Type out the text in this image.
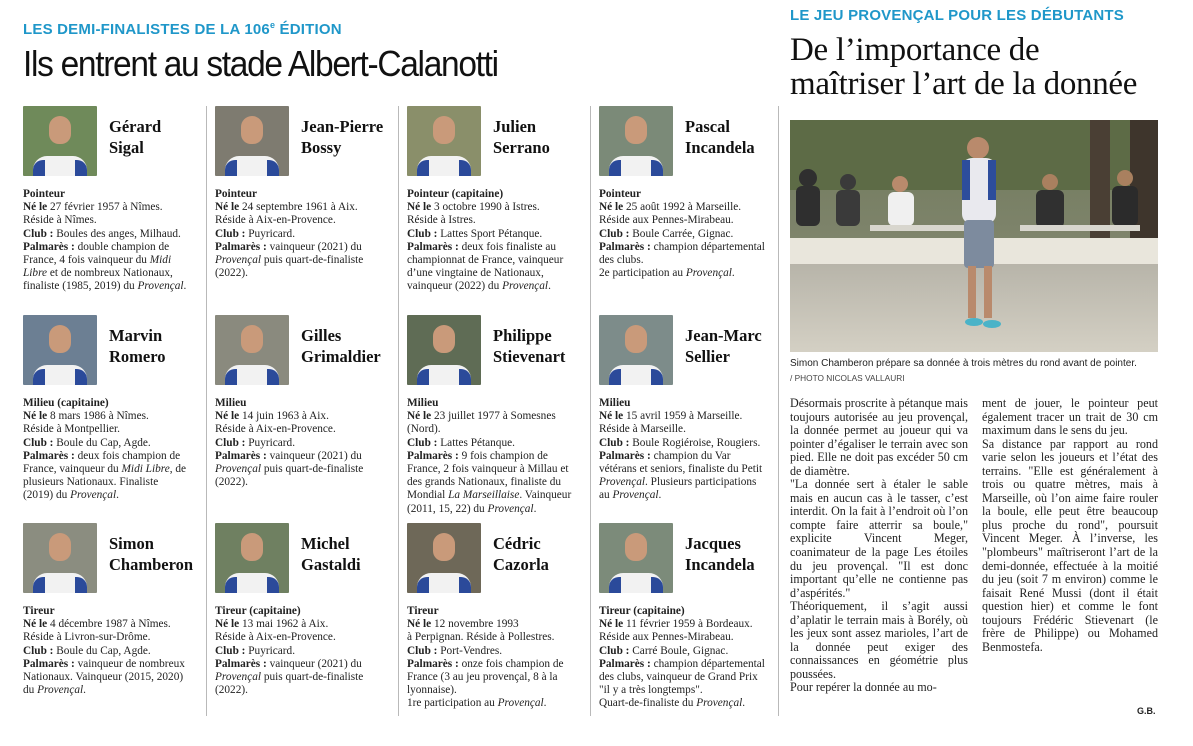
LES DEMI-FINALISTES DE LA 106e ÉDITION
Ils entrent au stade Albert-Calanotti
Gérard
Sigal
Pointeur

Né le 27 février 1957 à Nîmes.

Réside à Nîmes.

Club : Boules des anges, Milhaud.

Palmarès : double champion de France, 4 fois vainqueur du Midi Libre et de nombreux Nationaux, finaliste (1985, 2019) du Provençal.

Jean-Pierre
Bossy
Pointeur

Né le 24 septembre 1961 à Aix.

Réside à Aix-en-Provence.

Club : Puyricard.

Palmarès : vainqueur (2021) du Provençal puis quart-de-finaliste (2022).

Julien
Serrano
Pointeur (capitaine)

Né le 3 octobre 1990 à Istres.

Réside à Istres.

Club : Lattes Sport Pétanque.

Palmarès : deux fois finaliste au championnat de France, vainqueur d’une vingtaine de Nationaux, vainqueur (2022) du Provençal.

Pascal
Incandela
Pointeur

Né le 25 août 1992 à Marseille.

Réside aux Pennes-Mirabeau.

Club : Boule Carrée, Gignac.

Palmarès : champion départemental des clubs.

2e participation au Provençal.

Marvin
Romero
Milieu (capitaine)

Né le 8 mars 1986 à Nîmes.

Réside à Montpellier.

Club : Boule du Cap, Agde.

Palmarès : deux fois champion de France, vainqueur du Midi Libre, de plusieurs Nationaux. Finaliste (2019) du Provençal.

Gilles
Grimaldier
Milieu

Né le 14 juin 1963 à Aix.

Réside à Aix-en-Provence.

Club : Puyricard.

Palmarès : vainqueur (2021) du Provençal puis quart-de-finaliste (2022).

Philippe
Stievenart
Milieu

Né le 23 juillet 1977 à Somesnes (Nord).

Club : Lattes Pétanque.

Palmarès : 9 fois champion de France, 2 fois vainqueur à Millau et des grands Nationaux, finaliste du Mondial La Marseillaise. Vainqueur (2011, 15, 22) du Provençal.

Jean-Marc
Sellier
Milieu

Né le 15 avril 1959 à Marseille.

Réside à Marseille.

Club : Boule Rogiéroise, Rougiers.

Palmarès : champion du Var vétérans et seniors, finaliste du Petit Provençal. Plusieurs participations au Provençal.

Simon
Chamberon
Tireur

Né le 4 décembre 1987 à Nîmes.

Réside à Livron-sur-Drôme.

Club : Boule du Cap, Agde.

Palmarès : vainqueur de nombreux Nationaux. Vainqueur (2015, 2020) du Provençal.

Michel
Gastaldi
Tireur (capitaine)

Né le 13 mai 1962 à Aix.

Réside à Aix-en-Provence.

Club : Puyricard.

Palmarès : vainqueur (2021) du Provençal puis quart-de-finaliste (2022).

Cédric
Cazorla
Tireur

Né le 12 novembre 1993

à Perpignan. Réside à Pollestres.

Club : Port-Vendres.

Palmarès : onze fois champion de France (3 au jeu provençal, 8 à la lyonnaise).

1re participation au Provençal.

Jacques
Incandela
Tireur (capitaine)

Né le 11 février 1959 à Bordeaux.

Réside aux Pennes-Mirabeau.

Club : Carré Boule, Gignac.

Palmarès : champion départemental des clubs, vainqueur de Grand Prix "il y a très longtemps".

Quart-de-finaliste du Provençal.

LE JEU PROVENÇAL POUR LES DÉBUTANTS
De l’importance de
maîtriser l’art de la donnée
Simon Chamberon prépare sa donnée à trois mètres du rond avant de pointer.
/ PHOTO NICOLAS VALLAURI

Désormais proscrite à pétanque mais toujours autorisée au jeu provençal, la donnée permet au joueur qui va pointer d’égaliser le terrain avec son pied. Elle ne doit pas excéder 50 cm de diamètre.

"La donnée sert à étaler le sable mais en aucun cas à le tasser, c’est interdit. On la fait à l’endroit où l’on compte faire atterrir sa boule," explicite Vincent Meger, coanimateur de la page Les étoiles du jeu provençal. "Il est donc important qu’elle ne contienne pas d’aspérités."

Théoriquement, il s’agit aussi d’aplatir le terrain mais à Borély, où les jeux sont assez marioles, l’art de la donnée peut exiger des connaissances en géométrie plus poussées.

Pour repérer la donnée au mo-

ment de jouer, le pointeur peut également tracer un trait de 30 cm maximum dans le sens du jeu.

Sa distance par rapport au rond varie selon les joueurs et l’état des terrains. "Elle est généralement à trois ou quatre mètres, mais à Marseille, où l’on aime faire rouler la boule, elle peut être beaucoup plus proche du rond", poursuit Vincent Meger. À l’inverse, les "plombeurs" maîtriseront l’art de la demi-donnée, effectuée à la moitié du jeu (soit 7 m environ) comme le faisait René Mussi (dont il était question hier) et comme le font toujours Frédéric Stievenart (le frère de Philippe) ou Mohamed Benmostefa.

G.B.
